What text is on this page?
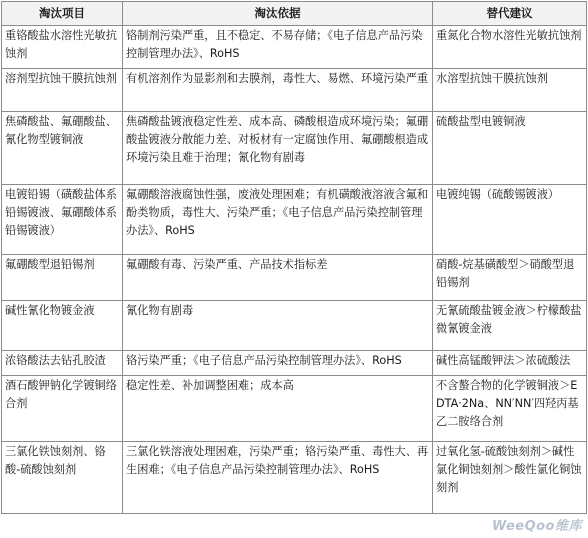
淘汰项目	淘汰依据	替代建议
重铬酸盐水溶性光敏抗蚀剂	铬制剂污染严重，且不稳定、不易存储；《电子信息产品污染控制管理办法》、RoHS	重氮化合物水溶性光敏抗蚀剂
溶剂型抗蚀干膜抗蚀剂	有机溶剂作为显影剂和去膜剂，毒性大、易燃、环境污染严重	水溶型抗蚀干膜抗蚀剂
焦磷酸盐、氟硼酸盐、氰化物型镀铜液	焦磷酸盐镀液稳定性差、成本高、磷酸根造成环境污染；氟硼酸盐镀液分散能力差、对板材有一定腐蚀作用、氟硼酸根造成环境污染且难于治理；氰化物有剧毒	硫酸盐型电镀铜液
电镀铅锡（磺酸盐体系铅锡镀液、氟硼酸体系铅锡镀液）	氟硼酸溶液腐蚀性强，废液处理困难；有机磺酸液溶液含氟和酚类物质，毒性大、污染严重；《电子信息产品污染控制管理办法》、RoHS	电镀纯锡（硫酸锡镀液）
氟硼酸型退铅锡剂	氟硼酸有毒、污染严重、产品技术指标差	硝酸-烷基磺酸型＞硝酸型退铅锡剂
碱性氰化物镀金液	氰化物有剧毒	无氰硫酸盐镀金液＞柠檬酸盐微氰镀金液
浓铬酸法去钻孔胶渣	铬污染严重；《电子信息产品污染控制管理办法》、RoHS	碱性高锰酸钾法＞浓硫酸法
酒石酸钾钠化学镀铜络合剂	稳定性差、补加调整困难；成本高	不含螯合物的化学镀铜液＞EDTA·2Na、NN′NN′四羟丙基乙二胺络合剂
三氯化铁蚀刻剂、铬酸-硫酸蚀刻剂	三氯化铁溶液处理困难，污染严重；铬污染严重、毒性大、再生困难；《电子信息产品污染控制管理办法》、RoHS	过氧化氢-硫酸蚀刻剂＞碱性氯化铜蚀刻剂＞酸性氯化铜蚀刻剂
WeeQoo维库
